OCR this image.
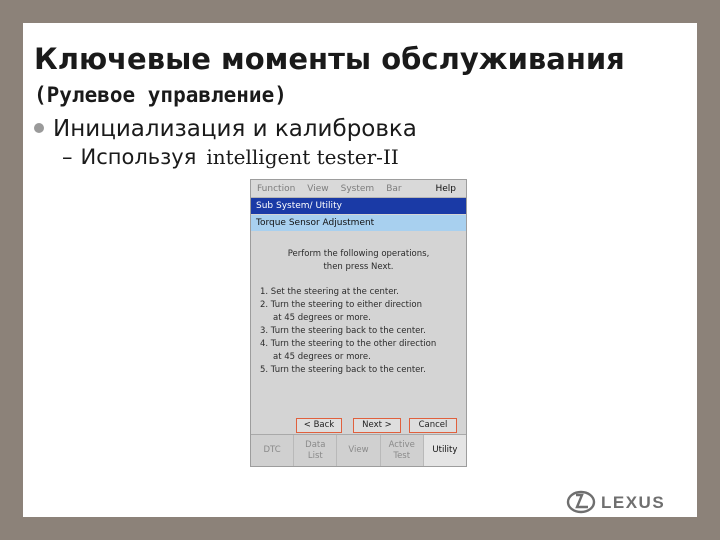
Ключевые моменты обслуживания
(Рулевое управление)
Инициализация и калибровка
– Используя intelligent tester-II
Function View System Bar	Help
Sub System/ Utility
Torque Sensor Adjustment
Perform the following operations,
then press Next.
1. Set the steering at the center.
2. Turn the steering to either direction
at 45 degrees or more.
3. Turn the steering back to the center.
4. Turn the steering to the other direction
at 45 degrees or more.
5. Turn the steering back to the center.
< Back	Next >	Cancel
DTC
Data
List
View
Active
Test
Utility
LEXUS
